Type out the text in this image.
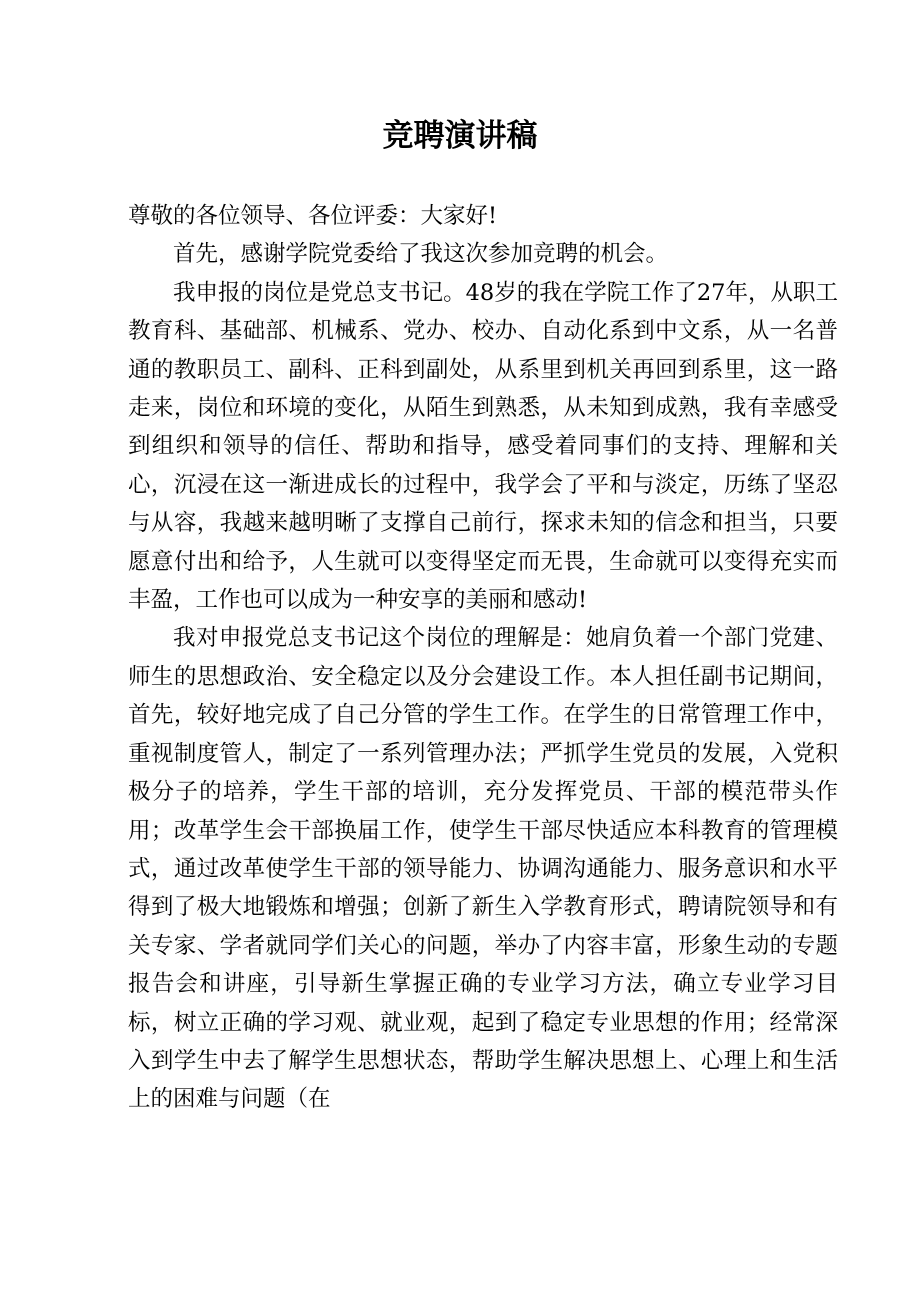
竞聘演讲稿

尊敬的各位领导、各位评委：大家好!

首先，感谢学院党委给了我这次参加竞聘的机会。

我申报的岗位是党总支书记。48岁的我在学院工作了27年，从职工教育科、基础部、机械系、党办、校办、自动化系到中文系，从一名普通的教职员工、副科、正科到副处，从系里到机关再回到系里，这一路走来，岗位和环境的变化，从陌生到熟悉，从未知到成熟，我有幸感受到组织和领导的信任、帮助和指导，感受着同事们的支持、理解和关心，沉浸在这一渐进成长的过程中，我学会了平和与淡定，历练了坚忍与从容，我越来越明晰了支撑自己前行，探求未知的信念和担当，只要愿意付出和给予，人生就可以变得坚定而无畏，生命就可以变得充实而丰盈，工作也可以成为一种安享的美丽和感动!

我对申报党总支书记这个岗位的理解是：她肩负着一个部门党建、师生的思想政治、安全稳定以及分会建设工作。本人担任副书记期间，首先，较好地完成了自己分管的学生工作。在学生的日常管理工作中，重视制度管人，制定了一系列管理办法；严抓学生党员的发展，入党积极分子的培养，学生干部的培训，充分发挥党员、干部的模范带头作用；改革学生会干部换届工作，使学生干部尽快适应本科教育的管理模式，通过改革使学生干部的领导能力、协调沟通能力、服务意识和水平得到了极大地锻炼和增强；创新了新生入学教育形式，聘请院领导和有关专家、学者就同学们关心的问题，举办了内容丰富，形象生动的专题报告会和讲座，引导新生掌握正确的专业学习方法，确立专业学习目标，树立正确的学习观、就业观，起到了稳定专业思想的作用；经常深入到学生中去了解学生思想状态，帮助学生解决思想上、心理上和生活上的困难与问题（在
